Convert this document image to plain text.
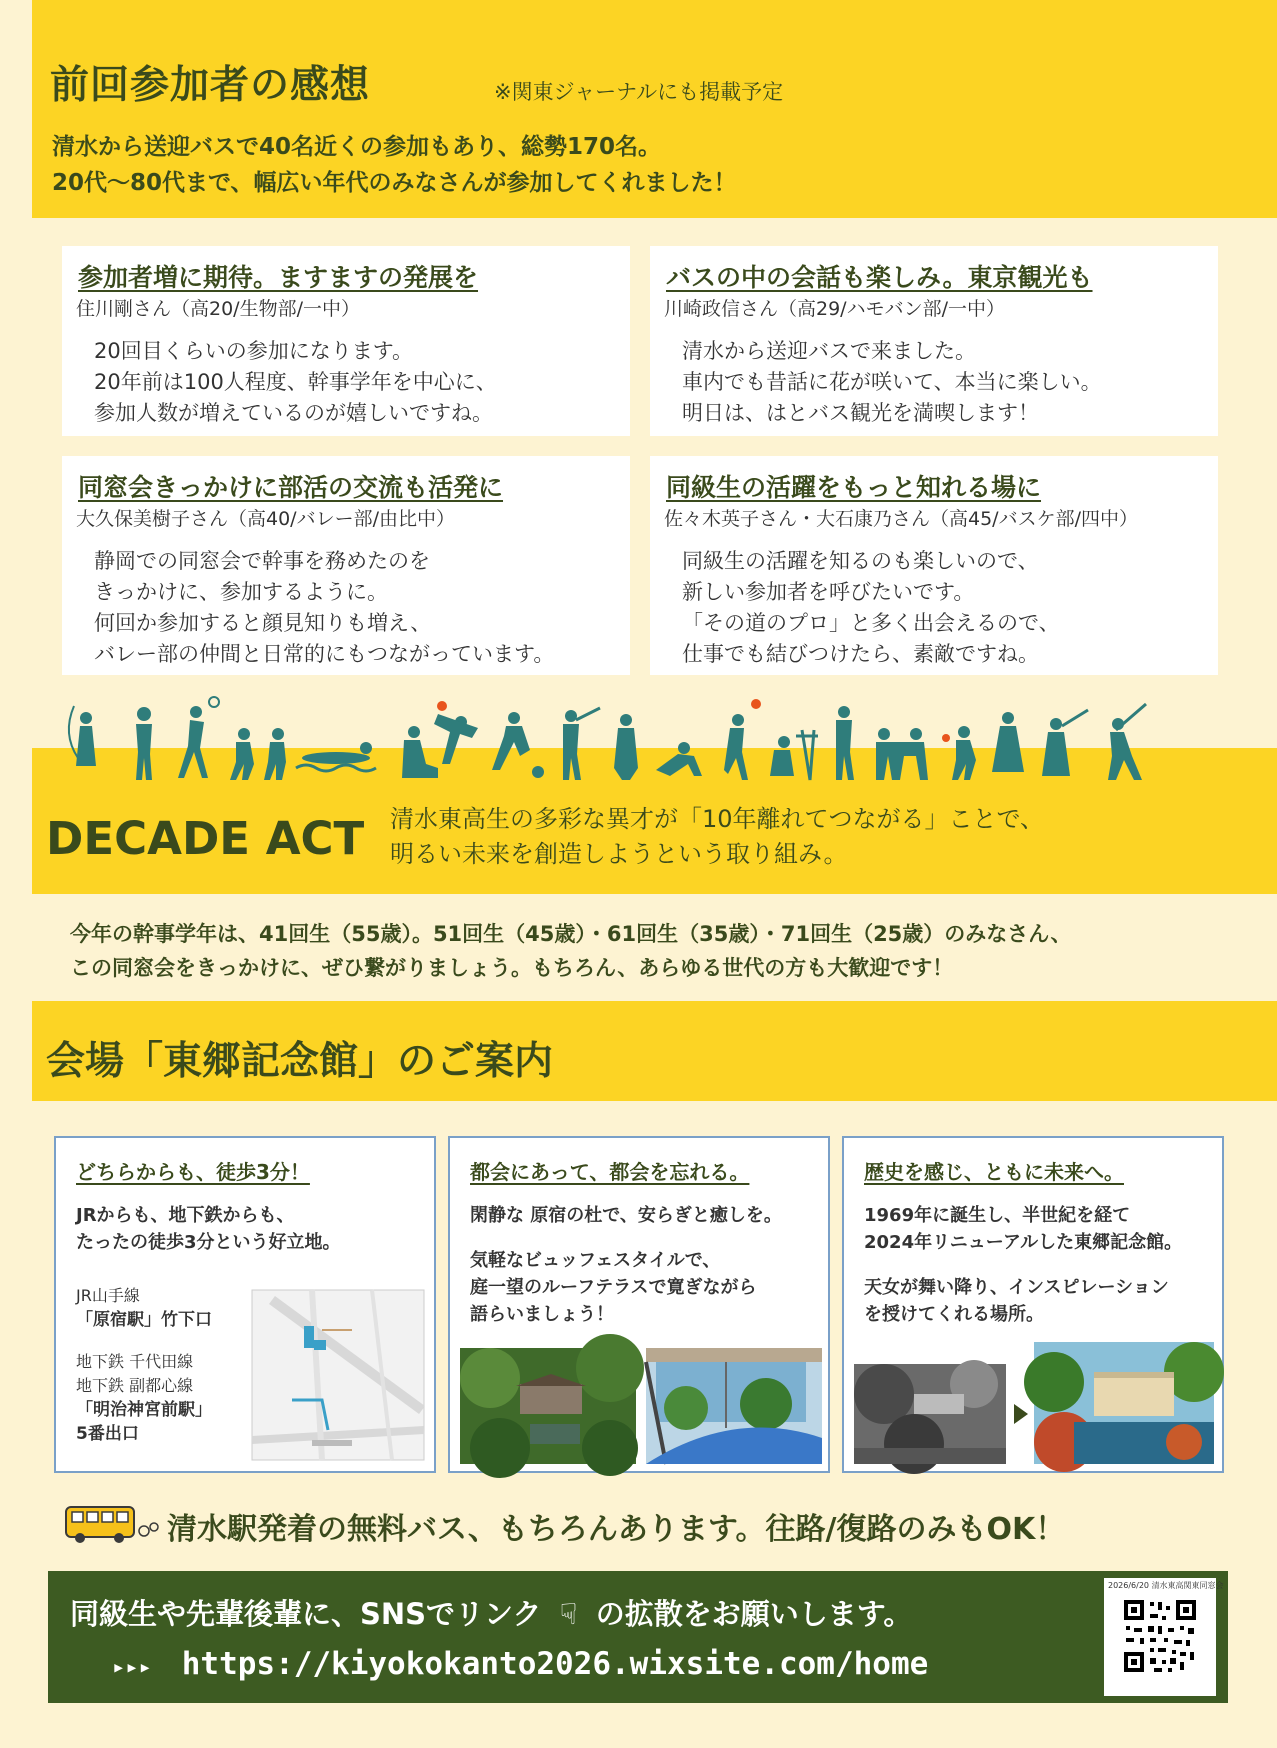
前回参加者の感想	※関東ジャーナルにも掲載予定
清水から送迎バスで40名近くの参加もあり、総勢170名。
20代〜80代まで、幅広い年代のみなさんが参加してくれました！
参加者増に期待。ますますの発展を
住川剛さん（高20/生物部/一中）
20回目くらいの参加になります。
20年前は100人程度、幹事学年を中心に、
参加人数が増えているのが嬉しいですね。
バスの中の会話も楽しみ。東京観光も
川崎政信さん（高29/ハモバン部/一中）
清水から送迎バスで来ました。
車内でも昔話に花が咲いて、本当に楽しい。
明日は、はとバス観光を満喫します！
同窓会きっかけに部活の交流も活発に
大久保美樹子さん（高40/バレー部/由比中）
静岡での同窓会で幹事を務めたのを
きっかけに、参加するように。
何回か参加すると顔見知りも増え、
バレー部の仲間と日常的にもつながっています。
同級生の活躍をもっと知れる場に
佐々木英子さん・大石康乃さん（高45/バスケ部/四中）
同級生の活躍を知るのも楽しいので、
新しい参加者を呼びたいです。
「その道のプロ」と多く出会えるので、
仕事でも結びつけたら、素敵ですね。
DECADE ACT 清水東高生の多彩な異才が「10年離れてつながる」ことで、
明るい未来を創造しようという取り組み。
今年の幹事学年は、41回生（55歳）。51回生（45歳）・61回生（35歳）・71回生（25歳）のみなさん、
この同窓会をきっかけに、ぜひ繋がりましょう。もちろん、あらゆる世代の方も大歓迎です！
会場「東郷記念館」のご案内
どちらからも、徒歩3分！
JRからも、地下鉄からも、
たったの徒歩3分という好立地。
JR山手線
「原宿駅」竹下口
地下鉄 千代田線
地下鉄 副都心線
「明治神宮前駅」
5番出口
都会にあって、都会を忘れる。
閑静な 原宿の杜で、安らぎと癒しを。
気軽なビュッフェスタイルで、
庭一望のルーフテラスで寛ぎながら
語らいましょう！
歴史を感じ、ともに未来へ。
1969年に誕生し、半世紀を経て
2024年リニューアルした東郷記念館。
天女が舞い降り、インスピレーション
を授けてくれる場所。
清水駅発着の無料バス、もちろんあります。往路/復路のみもOK！
同級生や先輩後輩に、SNSでリンク ☟ の拡散をお願いします。
▸▸▸ https://kiyokokanto2026.wixsite.com/home
2026/6/20 清水東高関東同窓会
